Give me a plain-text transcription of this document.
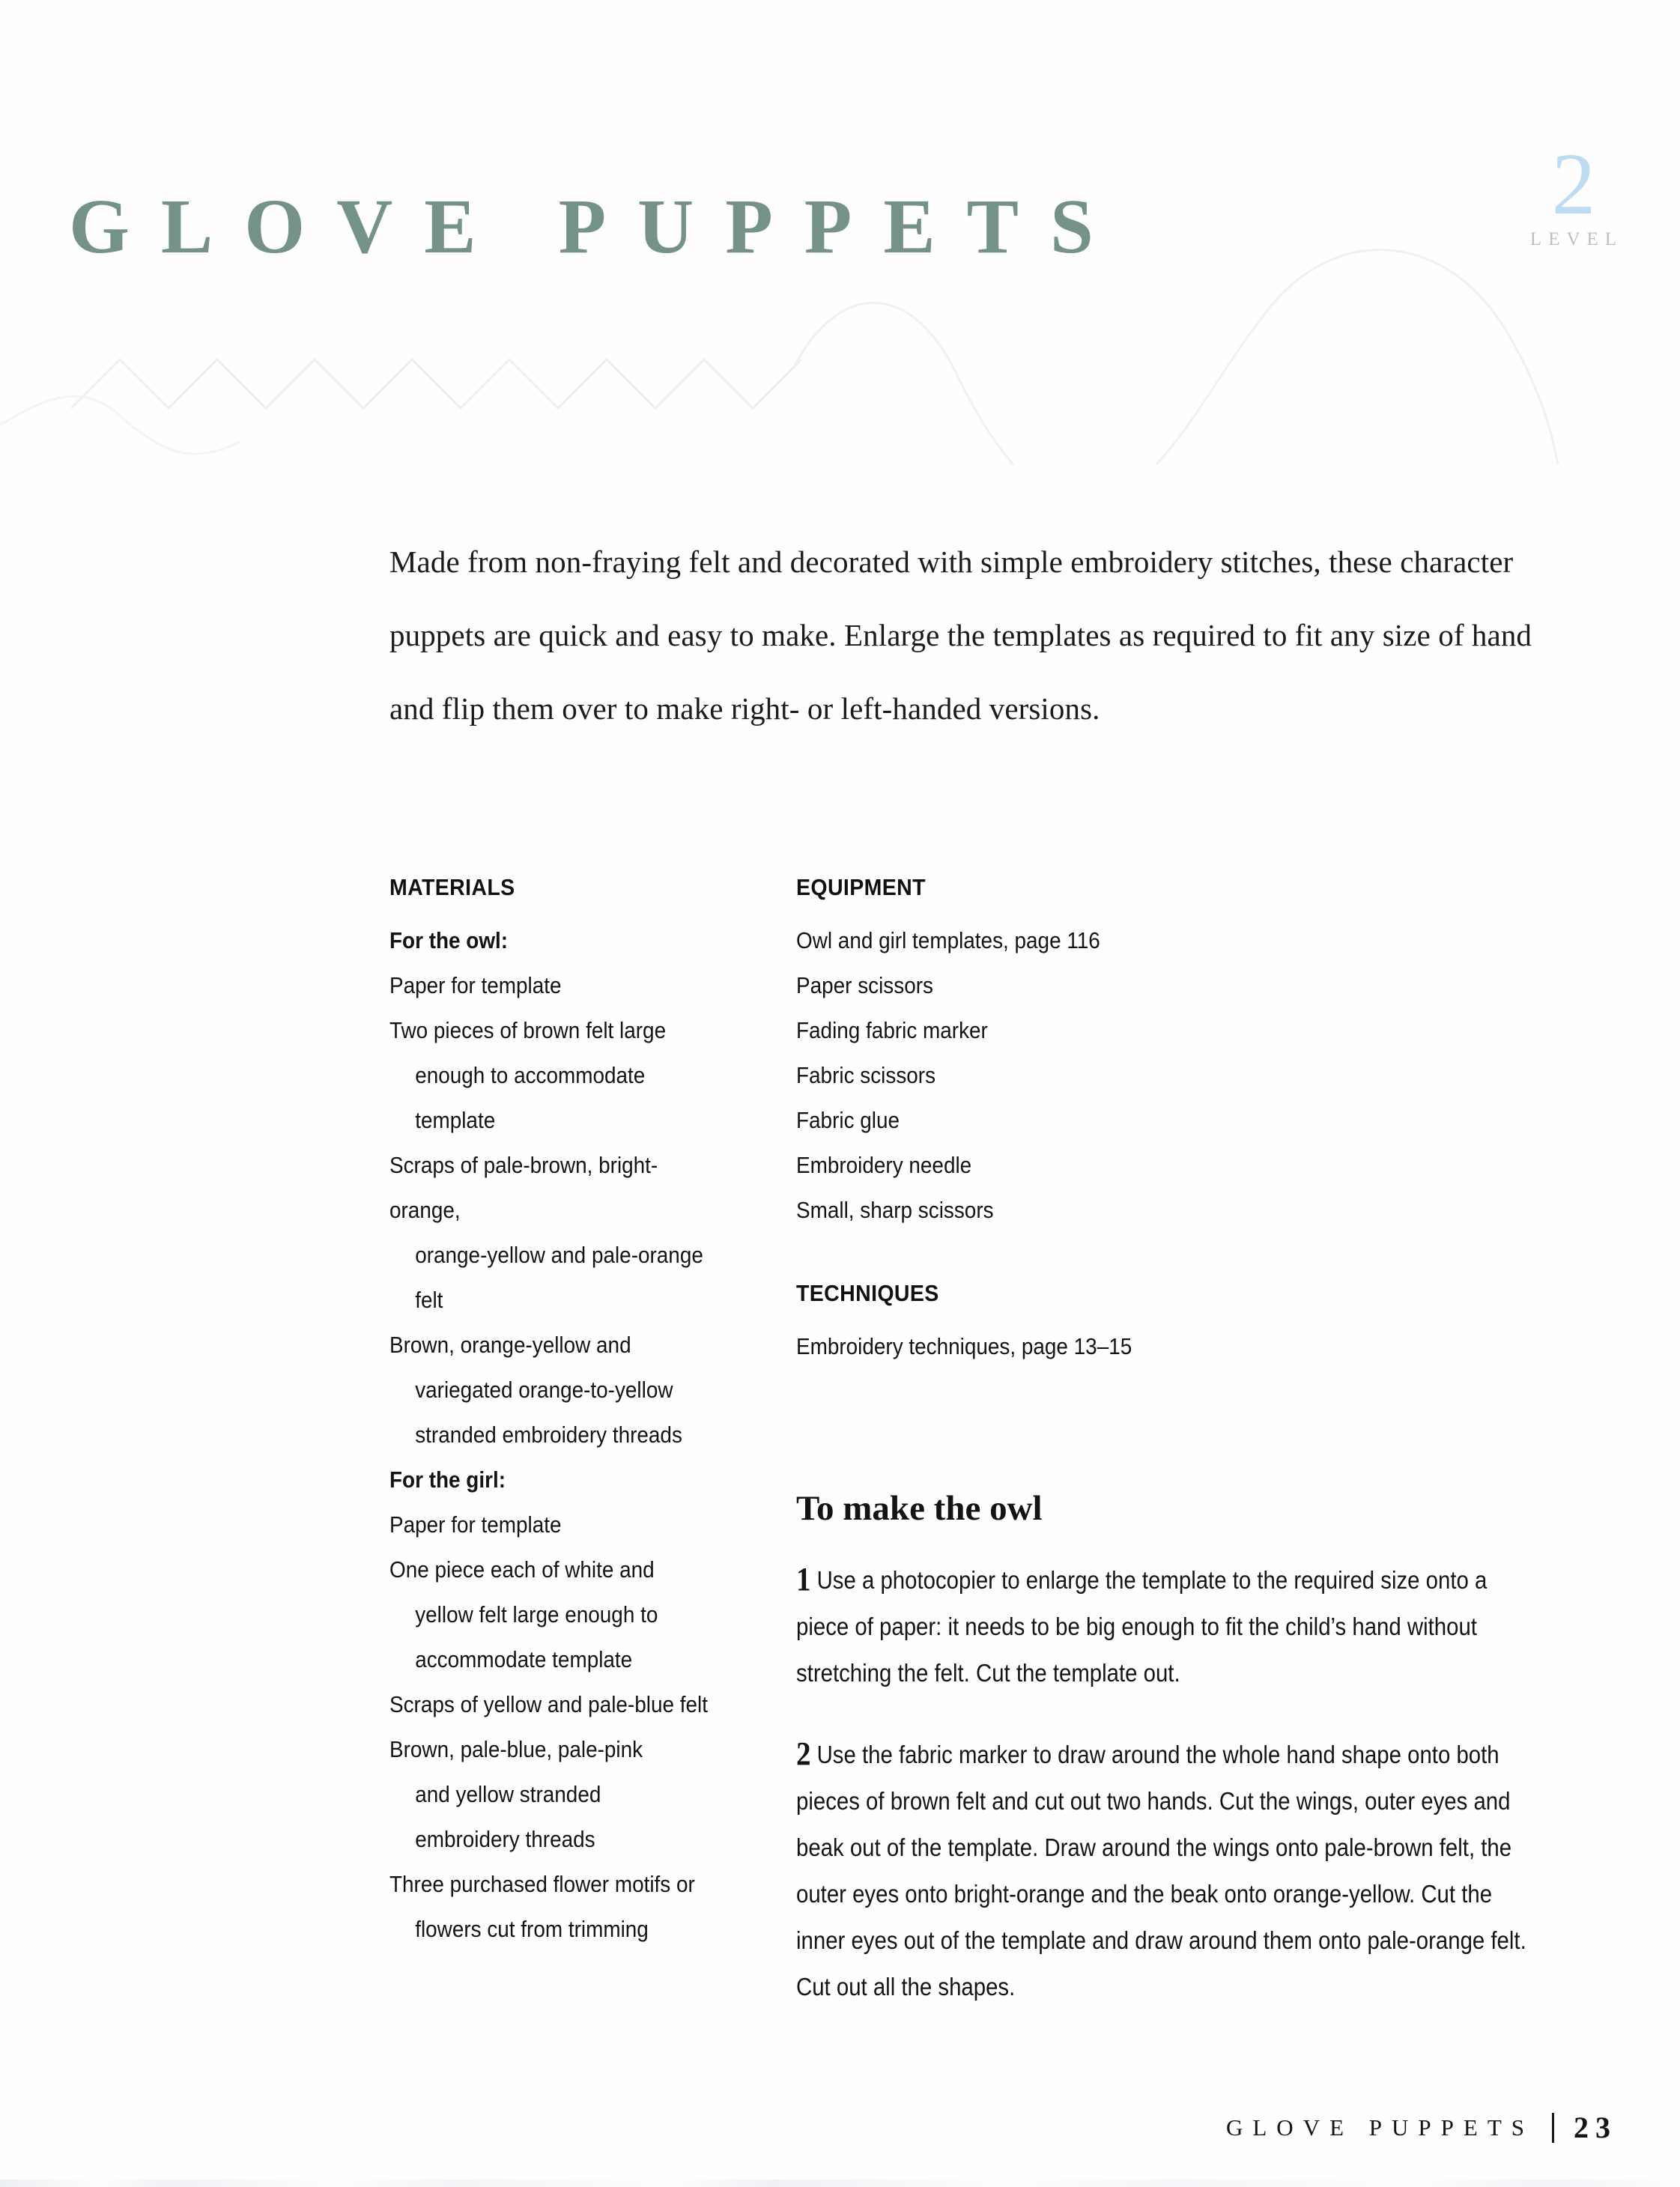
GLOVE PUPPETS	2
LEVEL

Made from non-fraying felt and decorated with simple embroidery stitches, these character puppets are quick and easy to make. Enlarge the templates as required to fit any size of hand and flip them over to make right- or left-handed versions.

MATERIALS
For the owl:
Paper for template
Two pieces of brown felt large
enough to accommodate template
Scraps of pale-brown, bright-orange,
orange-yellow and pale-orange felt
Brown, orange-yellow and
variegated orange-to-yellow
stranded embroidery threads
For the girl:
Paper for template
One piece each of white and
yellow felt large enough to
accommodate template
Scraps of yellow and pale-blue felt
Brown, pale-blue, pale-pink
and yellow stranded
embroidery threads
Three purchased flower motifs or
flowers cut from trimming
EQUIPMENT
Owl and girl templates, page 116
Paper scissors
Fading fabric marker
Fabric scissors
Fabric glue
Embroidery needle
Small, sharp scissors
TECHNIQUES
Embroidery techniques, page 13–15
To make the owl

1 Use a photocopier to enlarge the template to the required size onto a piece of paper: it needs to be big enough to fit the child’s hand without stretching the felt. Cut the template out.

2 Use the fabric marker to draw around the whole hand shape onto both pieces of brown felt and cut out two hands. Cut the wings, outer eyes and beak out of the template. Draw around the wings onto pale-brown felt, the outer eyes onto bright-orange and the beak onto orange-yellow. Cut the inner eyes out of the template and draw around them onto pale-orange felt. Cut out all the shapes.

GLOVE PUPPETS	23
